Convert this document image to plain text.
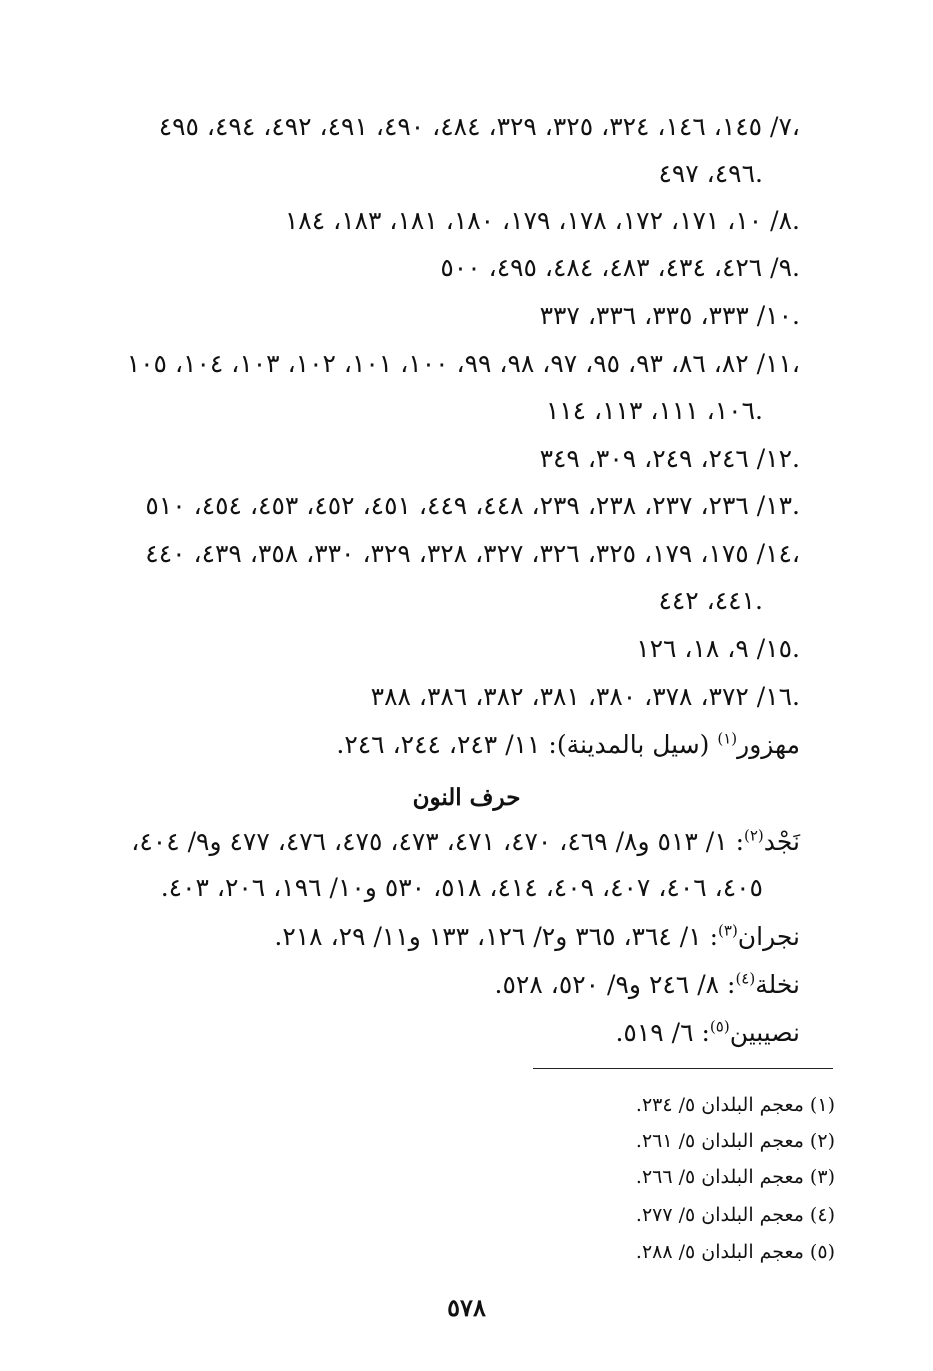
٧/ ١٤٥، ١٤٦، ٣٢٤، ٣٢٥، ٣٢٩، ٤٨٤، ٤٩٠، ٤٩١، ٤٩٢، ٤٩٤، ٤٩٥،
٤٩٦، ٤٩٧.
٨/ ١٠، ١٧١، ١٧٢، ١٧٨، ١٧٩، ١٨٠، ١٨١، ١٨٣، ١٨٤.
٩/ ٤٢٦، ٤٣٤، ٤٨٣، ٤٨٤، ٤٩٥، ٥٠٠.
١٠/ ٣٣٣، ٣٣٥، ٣٣٦، ٣٣٧.
١١/ ٨٢، ٨٦، ٩٣، ٩٥، ٩٧، ٩٨، ٩٩، ١٠٠، ١٠١، ١٠٢، ١٠٣، ١٠٤، ١٠٥،
١٠٦، ١١١، ١١٣، ١١٤.
١٢/ ٢٤٦، ٢٤٩، ٣٠٩، ٣٤٩.
١٣/ ٢٣٦، ٢٣٧، ٢٣٨، ٢٣٩، ٤٤٨، ٤٤٩، ٤٥١، ٤٥٢، ٤٥٣، ٤٥٤، ٥١٠.
١٤/ ١٧٥، ١٧٩، ٣٢٥، ٣٢٦، ٣٢٧، ٣٢٨، ٣٢٩، ٣٣٠، ٣٥٨، ٤٣٩، ٤٤٠،
٤٤١، ٤٤٢.
١٥/ ٩، ١٨، ١٢٦.
١٦/ ٣٧٢، ٣٧٨، ٣٨٠، ٣٨١، ٣٨٢، ٣٨٦، ٣٨٨.
مهزور$^{(١)}$ (سيل بالمدينة): ١١/ ٢٤٣، ٢٤٤، ٢٤٦.
حرف النون
نَجْد$^{(٢)}$: ١/ ٥١٣ و٨/ ٤٦٩، ٤٧٠، ٤٧١، ٤٧٣، ٤٧٥، ٤٧٦، ٤٧٧ و٩/ ٤٠٤،
٤٠٥، ٤٠٦، ٤٠٧، ٤٠٩، ٤١٤، ٥١٨، ٥٣٠ و١٠/ ١٩٦، ٢٠٦، ٤٠٣.
نجران$^{(٣)}$: ١/ ٣٦٤، ٣٦٥ و٢/ ١٢٦، ١٣٣ و١١/ ٢٩، ٢١٨.
نخلة$^{(٤)}$: ٨/ ٢٤٦ و٩/ ٥٢٠، ٥٢٨.
نصيبين$^{(٥)}$: ٦/ ٥١٩.
(١) معجم البلدان ٥/ ٢٣٤.
(٢) معجم البلدان ٥/ ٢٦١.
(٣) معجم البلدان ٥/ ٢٦٦.
(٤) معجم البلدان ٥/ ٢٧٧.
(٥) معجم البلدان ٥/ ٢٨٨.
٥٧٨
